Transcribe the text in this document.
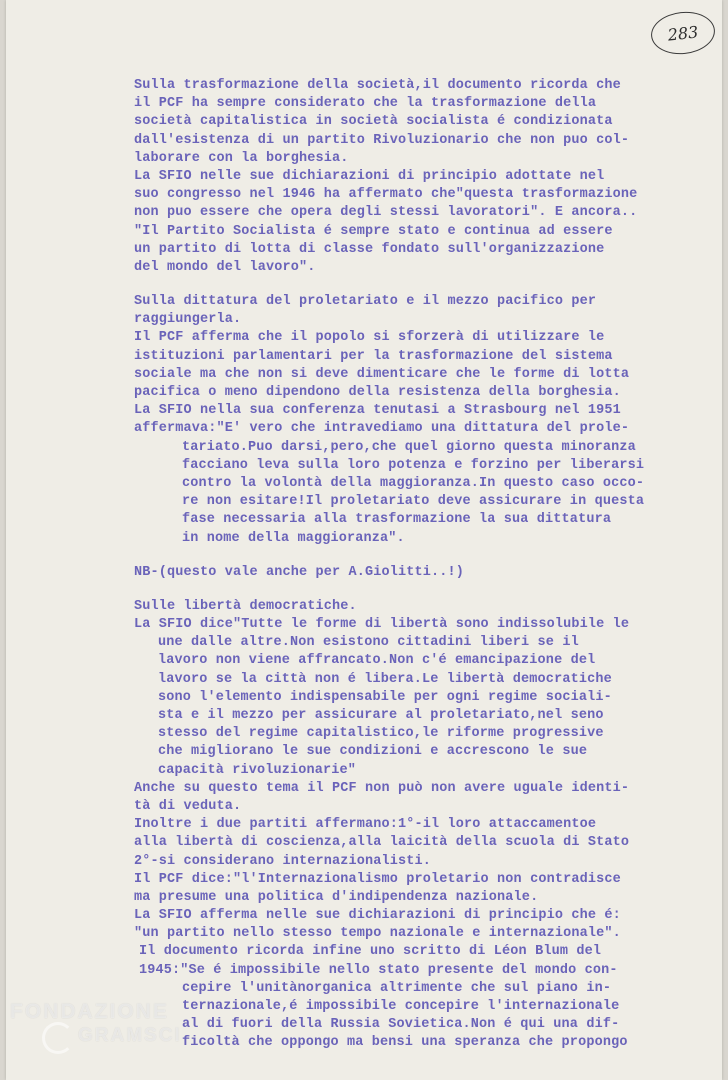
283
Sulla trasformazione della società,il documento ricorda che
il PCF ha sempre considerato che la trasformazione della
società capitalistica in società socialista é condizionata
dall'esistenza di un partito Rivoluzionario che non puo col-
laborare con la borghesia.
La SFIO nelle sue dichiarazioni di principio adottate nel
suo congresso nel 1946 ha affermato che"questa trasformazione
non puo essere che opera degli stessi lavoratori". E ancora..
"Il Partito Socialista é sempre stato e continua ad essere
un partito di lotta di classe fondato sull'organizzazione
del mondo del lavoro".
Sulla dittatura del proletariato e il mezzo pacifico per
raggiungerla.
Il PCF afferma che il popolo si sforzerà di utilizzare le
istituzioni parlamentari per la trasformazione del sistema
sociale ma che non si deve dimenticare che le forme di lotta
pacifica o meno dipendono della resistenza della borghesia.
La SFIO nella sua conferenza tenutasi a Strasbourg nel 1951
affermava:"E' vero che intravediamo una dittatura del prole-
tariato.Puo darsi,pero,che quel giorno questa minoranza
facciano leva sulla loro potenza e forzino per liberarsi
contro la volontà della maggioranza.In questo caso occo-
re non esitare!Il proletariato deve assicurare in questa
fase necessaria alla trasformazione la sua dittatura
in nome della maggioranza".
NB-(questo vale anche per A.Giolitti..!)
Sulle libertà democratiche.
La SFIO dice"Tutte le forme di libertà sono indissolubile le
une dalle altre.Non esistono cittadini liberi se il
lavoro non viene affrancato.Non c'é emancipazione del
lavoro se la città non é libera.Le libertà democratiche
sono l'elemento indispensabile per ogni regime sociali-
sta e il mezzo per assicurare al proletariato,nel seno
stesso del regime capitalistico,le riforme progressive
che migliorano le sue condizioni e accrescono le sue
capacità rivoluzionarie"
Anche su questo tema il PCF non può non avere uguale identi-
tà di veduta.
Inoltre i due partiti affermano:1°-il loro attaccamentoe
alla libertà di coscienza,alla laicità della scuola di Stato
2°-si considerano internazionalisti.
Il PCF dice:"l'Internazionalismo proletario non contradisce
ma presume una politica d'indipendenza nazionale.
La SFIO afferma nelle sue dichiarazioni di principio che é:
"un partito nello stesso tempo nazionale e internazionale".
Il documento ricorda infine uno scritto di Léon Blum del
1945:"Se é impossibile nello stato presente del mondo con-
cepire l'unitànorganica altrimente che sul piano in-
ternazionale,é impossibile concepire l'internazionale
al di fuori della Russia Sovietica.Non é qui una dif-
ficoltà che oppongo ma bensi una speranza che propongo
FONDAZIONE
GRAMSCI
